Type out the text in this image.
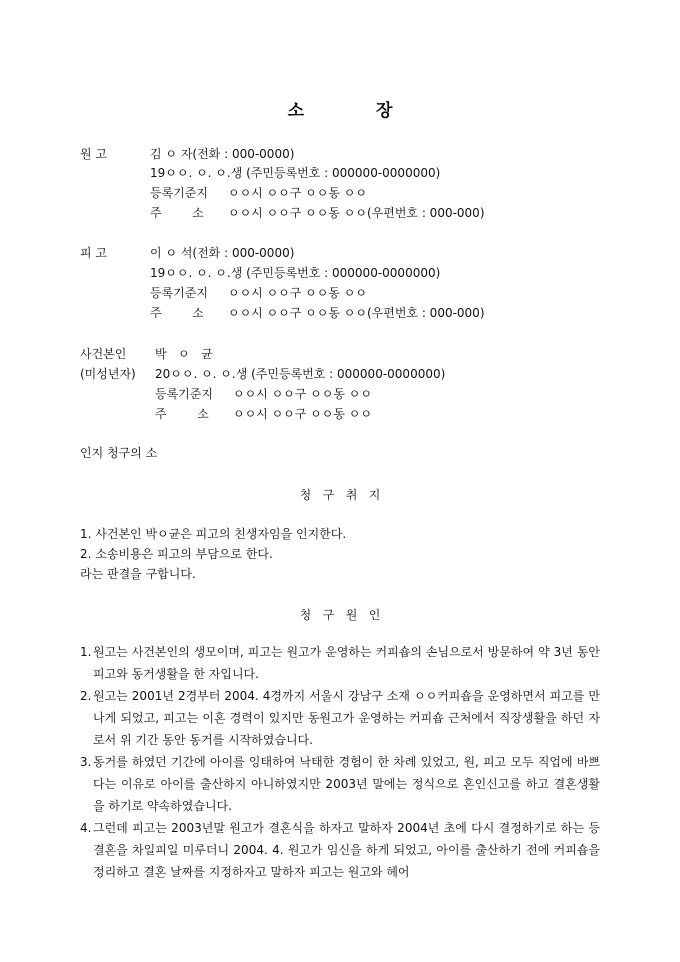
소	장
원 고	김 ㅇ 자(전화 : 000-0000)
19ㅇㅇ. ㅇ. ㅇ.생 (주민등록번호 : 000000-0000000)
등록기준지 ㅇㅇ시 ㅇㅇ구 ㅇㅇ동 ㅇㅇ
주        소 ㅇㅇ시 ㅇㅇ구 ㅇㅇ동 ㅇㅇ(우편번호 : 000-000)
피 고	이 ㅇ 석(전화 : 000-0000)
19ㅇㅇ. ㅇ. ㅇ.생 (주민등록번호 : 000000-0000000)
등록기준지 ㅇㅇ시 ㅇㅇ구 ㅇㅇ동 ㅇㅇ
주        소 ㅇㅇ시 ㅇㅇ구 ㅇㅇ동 ㅇㅇ(우편번호 : 000-000)
사건본인 박   ㅇ   균
(미성년자) 20ㅇㅇ. ㅇ. ㅇ.생 (주민등록번호 : 000000-0000000)
등록기준지 ㅇㅇ시 ㅇㅇ구 ㅇㅇ동 ㅇㅇ
주        소 ㅇㅇ시 ㅇㅇ구 ㅇㅇ동 ㅇㅇ
인지 청구의 소
청   구   취   지
1. 사건본인 박ㅇ균은 피고의 친생자임을 인지한다.
2. 소송비용은 피고의 부담으로 한다.
라는 판결을 구합니다.
청   구   원   인
1. 원고는 사건본인의 생모이며, 피고는 원고가 운영하는 커피숍의 손님으로서 방문하여 약 3년 동안 피고와 동거생활을 한 자입니다.
2. 원고는 2001년 2경부터 2004. 4경까지 서울시 강남구 소재 ㅇㅇ커피숍을 운영하면서 피고를 만나게 되었고, 피고는 이혼 경력이 있지만 동원고가 운영하는 커피숍 근처에서 직장생활을 하던 자로서 위 기간 동안 동거를 시작하였습니다.
3. 동거를 하였던 기간에 아이를 잉태하여 낙태한 경험이 한 차례 있었고, 원, 피고 모두 직업에 바쁘다는 이유로 아이를 출산하지 아니하였지만 2003년 말에는 정식으로 혼인신고를 하고 결혼생활을 하기로 약속하였습니다.
4. 그런데 피고는 2003년말 원고가 결혼식을 하자고 말하자 2004년 초에 다시 결정하기로 하는 등 결혼을 차일피일 미루더니 2004. 4. 원고가 임신을 하게 되었고, 아이를 출산하기 전에 커피숍을 정리하고 결혼 날짜를 지정하자고 말하자 피고는 원고와 헤어
